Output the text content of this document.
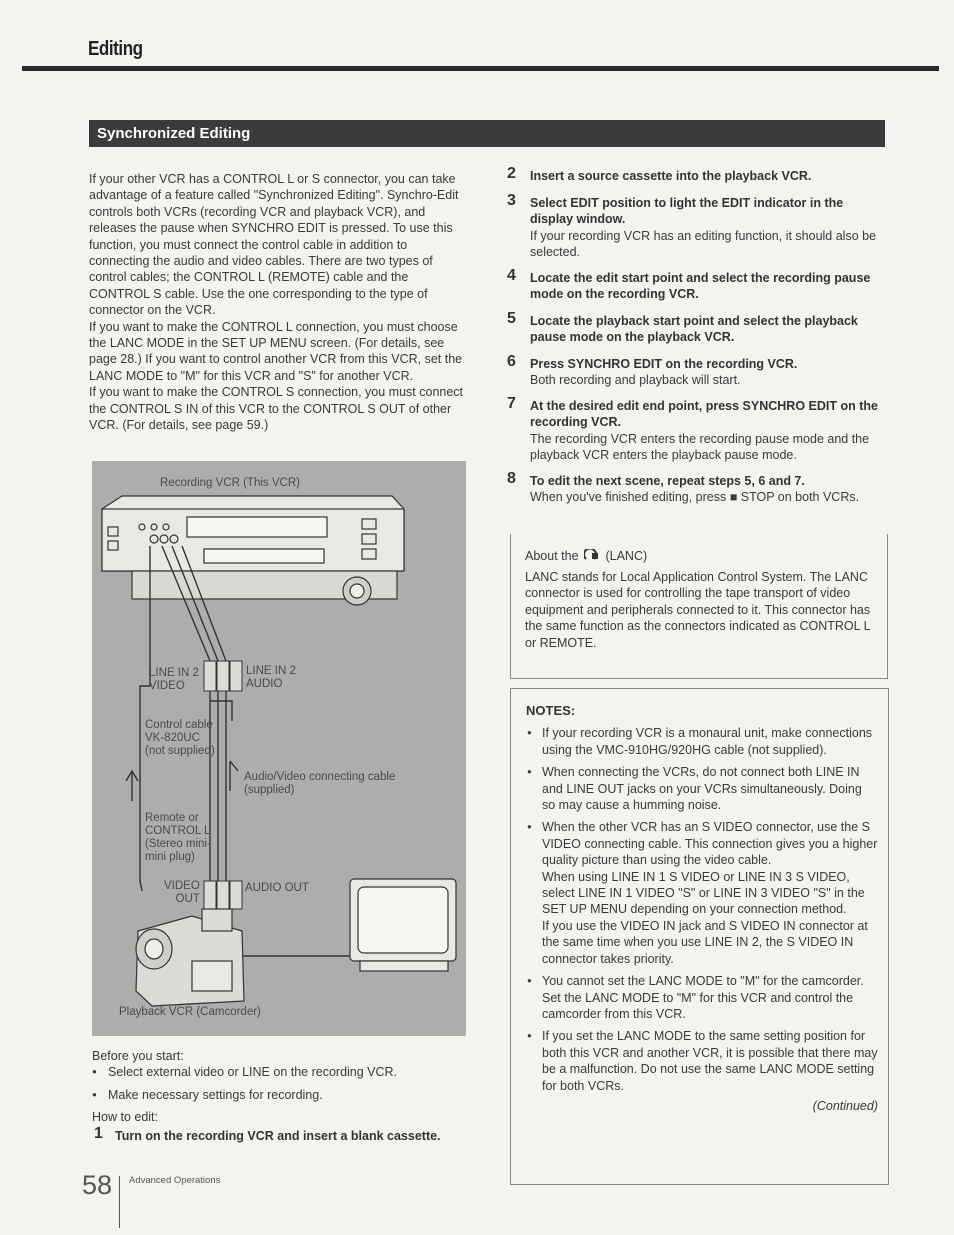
Editing
Synchronized Editing

If your other VCR has a CONTROL L or S connector, you can take advantage of a feature called "Synchronized Editing". Synchro-Edit controls both VCRs (recording VCR and playback VCR), and releases the pause when SYNCHRO EDIT is pressed. To use this function, you must connect the control cable in addition to connecting the audio and video cables. There are two types of control cables; the CONTROL L (REMOTE) cable and the CONTROL S cable. Use the one corresponding to the type of connector on the VCR.

If you want to make the CONTROL L connection, you must choose the LANC MODE in the SET UP MENU screen. (For details, see page 28.) If you want to control another VCR from this VCR, set the LANC MODE to "M" for this VCR and "S" for another VCR.

If you want to make the CONTROL S connection, you must connect the CONTROL S IN of this VCR to the CONTROL S OUT of other VCR. (For details, see page 59.)

Recording VCR (This VCR)
LINE IN 2
VIDEO
LINE IN 2
AUDIO
Control cable
VK-820UC
(not supplied)
Audio/Video connecting cable
(supplied)
Remote or
CONTROL L
(Stereo mini-
mini plug)
VIDEO
OUT
AUDIO OUT
Playback VCR (Camcorder)
Before you start:
● Select external video or LINE on the recording VCR.
● Make necessary settings for recording.
How to edit:
1 Turn on the recording VCR and insert a blank cassette.
2 Insert a source cassette into the playback VCR.
3 Select EDIT position to light the EDIT indicator in the display window.
If your recording VCR has an editing function, it should also be selected.
4 Locate the edit start point and select the recording pause mode on the recording VCR.
5 Locate the playback start point and select the playback pause mode on the playback VCR.
6 Press SYNCHRO EDIT on the recording VCR.
Both recording and playback will start.
7 At the desired edit end point, press SYNCHRO EDIT on the recording VCR.
The recording VCR enters the recording pause mode and the playback VCR enters the playback pause mode.
8 To edit the next scene, repeat steps 5, 6 and 7.
When you've finished editing, press ■ STOP on both VCRs.
About the (LANC)
LANC stands for Local Application Control System. The LANC connector is used for controlling the tape transport of video equipment and peripherals connected to it. This connector has the same function as the connectors indicated as CONTROL L or REMOTE.
NOTES:
● If your recording VCR is a monaural unit, make connections using the VMC-910HG/920HG cable (not supplied).
● When connecting the VCRs, do not connect both LINE IN and LINE OUT jacks on your VCRs simultaneously. Doing so may cause a humming noise.
● When the other VCR has an S VIDEO connector, use the S VIDEO connecting cable. This connection gives you a higher quality picture than using the video cable.
When using LINE IN 1 S VIDEO or LINE IN 3 S VIDEO, select LINE IN 1 VIDEO "S" or LINE IN 3 VIDEO "S" in the SET UP MENU depending on your connection method.
If you use the VIDEO IN jack and S VIDEO IN connector at the same time when you use LINE IN 2, the S VIDEO IN connector takes priority.
● You cannot set the LANC MODE to "M" for the camcorder. Set the LANC MODE to "M" for this VCR and control the camcorder from this VCR.
● If you set the LANC MODE to the same setting position for both this VCR and another VCR, it is possible that there may be a malfunction. Do not use the same LANC MODE setting for both VCRs.
(Continued)
58 Advanced Operations
